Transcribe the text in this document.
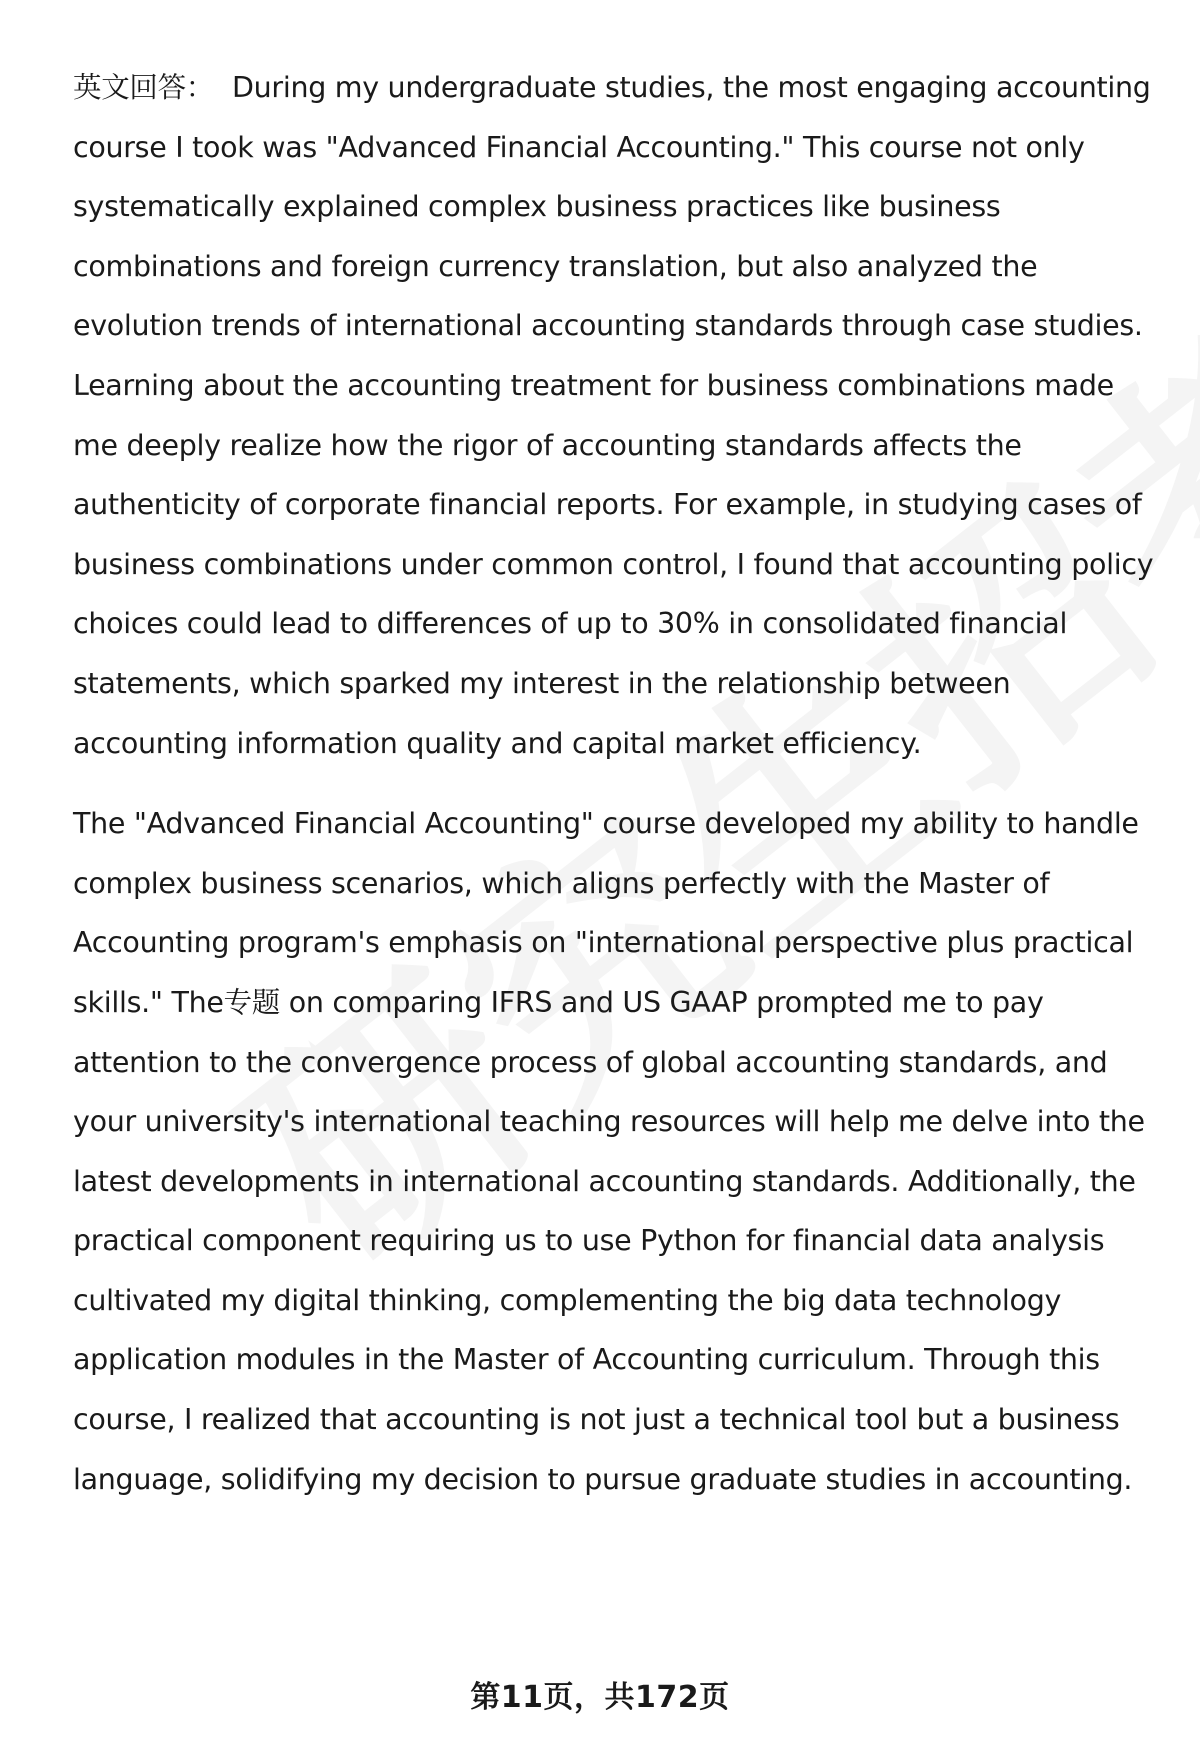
英文回答： During my undergraduate studies, the most engaging accounting course I took was "Advanced Financial Accounting." This course not only systematically explained complex business practices like business combinations and foreign currency translation, but also analyzed the evolution trends of international accounting standards through case studies. Learning about the accounting treatment for business combinations made me deeply realize how the rigor of accounting standards affects the authenticity of corporate financial reports. For example, in studying cases of business combinations under common control, I found that accounting policy choices could lead to differences of up to 30% in consolidated financial statements, which sparked my interest in the relationship between accounting information quality and capital market efficiency.

The "Advanced Financial Accounting" course developed my ability to handle complex business scenarios, which aligns perfectly with the Master of Accounting program's emphasis on "international perspective plus practical skills." The专题 on comparing IFRS and US GAAP prompted me to pay attention to the convergence process of global accounting standards, and your university's international teaching resources will help me delve into the latest developments in international accounting standards. Additionally, the practical component requiring us to use Python for financial data analysis cultivated my digital thinking, complementing the big data technology application modules in the Master of Accounting curriculum. Through this course, I realized that accounting is not just a technical tool but a business language, solidifying my decision to pursue graduate studies in accounting.

第11页，共172页
